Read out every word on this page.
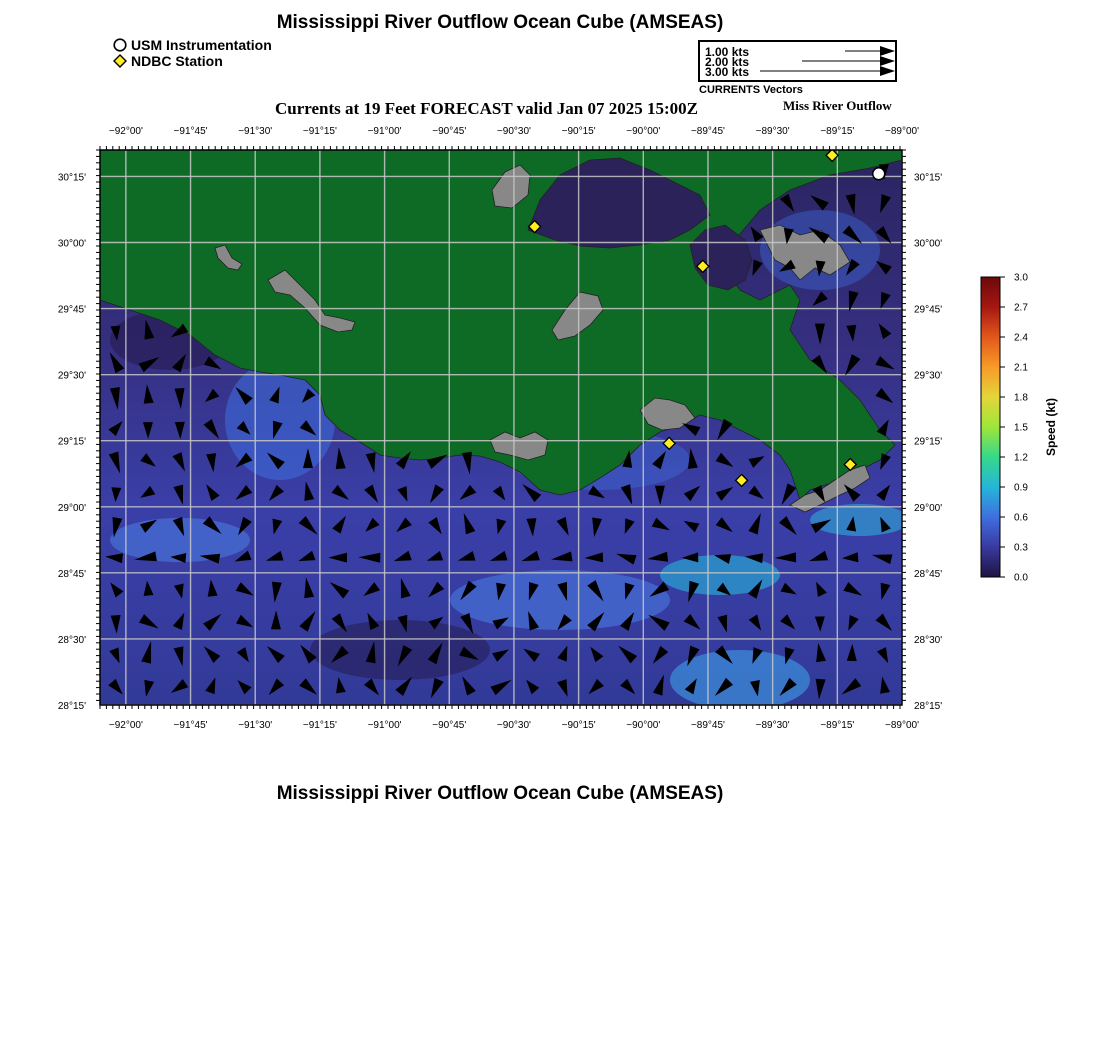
Mississippi River Outflow Ocean Cube (AMSEAS)
USM Instrumentation
NDBC Station
1.00 kts
2.00 kts
3.00 kts
CURRENTS Vectors
Currents at 19 Feet FORECAST valid Jan 07 2025 15:00Z	Miss River Outflow
−92°00'	−91°45'	−91°30'	−91°15'	−91°00'	−90°45'	−90°30'	−90°15'	−90°00'	−89°45'	−89°30'	−89°15'	−89°00'
−92°00'	−91°45'	−91°30'	−91°15'	−91°00'	−90°45'	−90°30'	−90°15'	−90°00'	−89°45'	−89°30'	−89°15'	−89°00'
30°15'
30°00'
29°45'
29°30'
29°15'
29°00'
28°45'
28°30'
28°15'
30°15'
30°00'
29°45'
29°30'
29°15'
29°00'
28°45'
28°30'
28°15'
3.0
2.7
2.4
2.1
1.8
1.5
1.2
0.9
0.6
0.3
0.0
Speed (kt)
Mississippi River Outflow Ocean Cube (AMSEAS)
